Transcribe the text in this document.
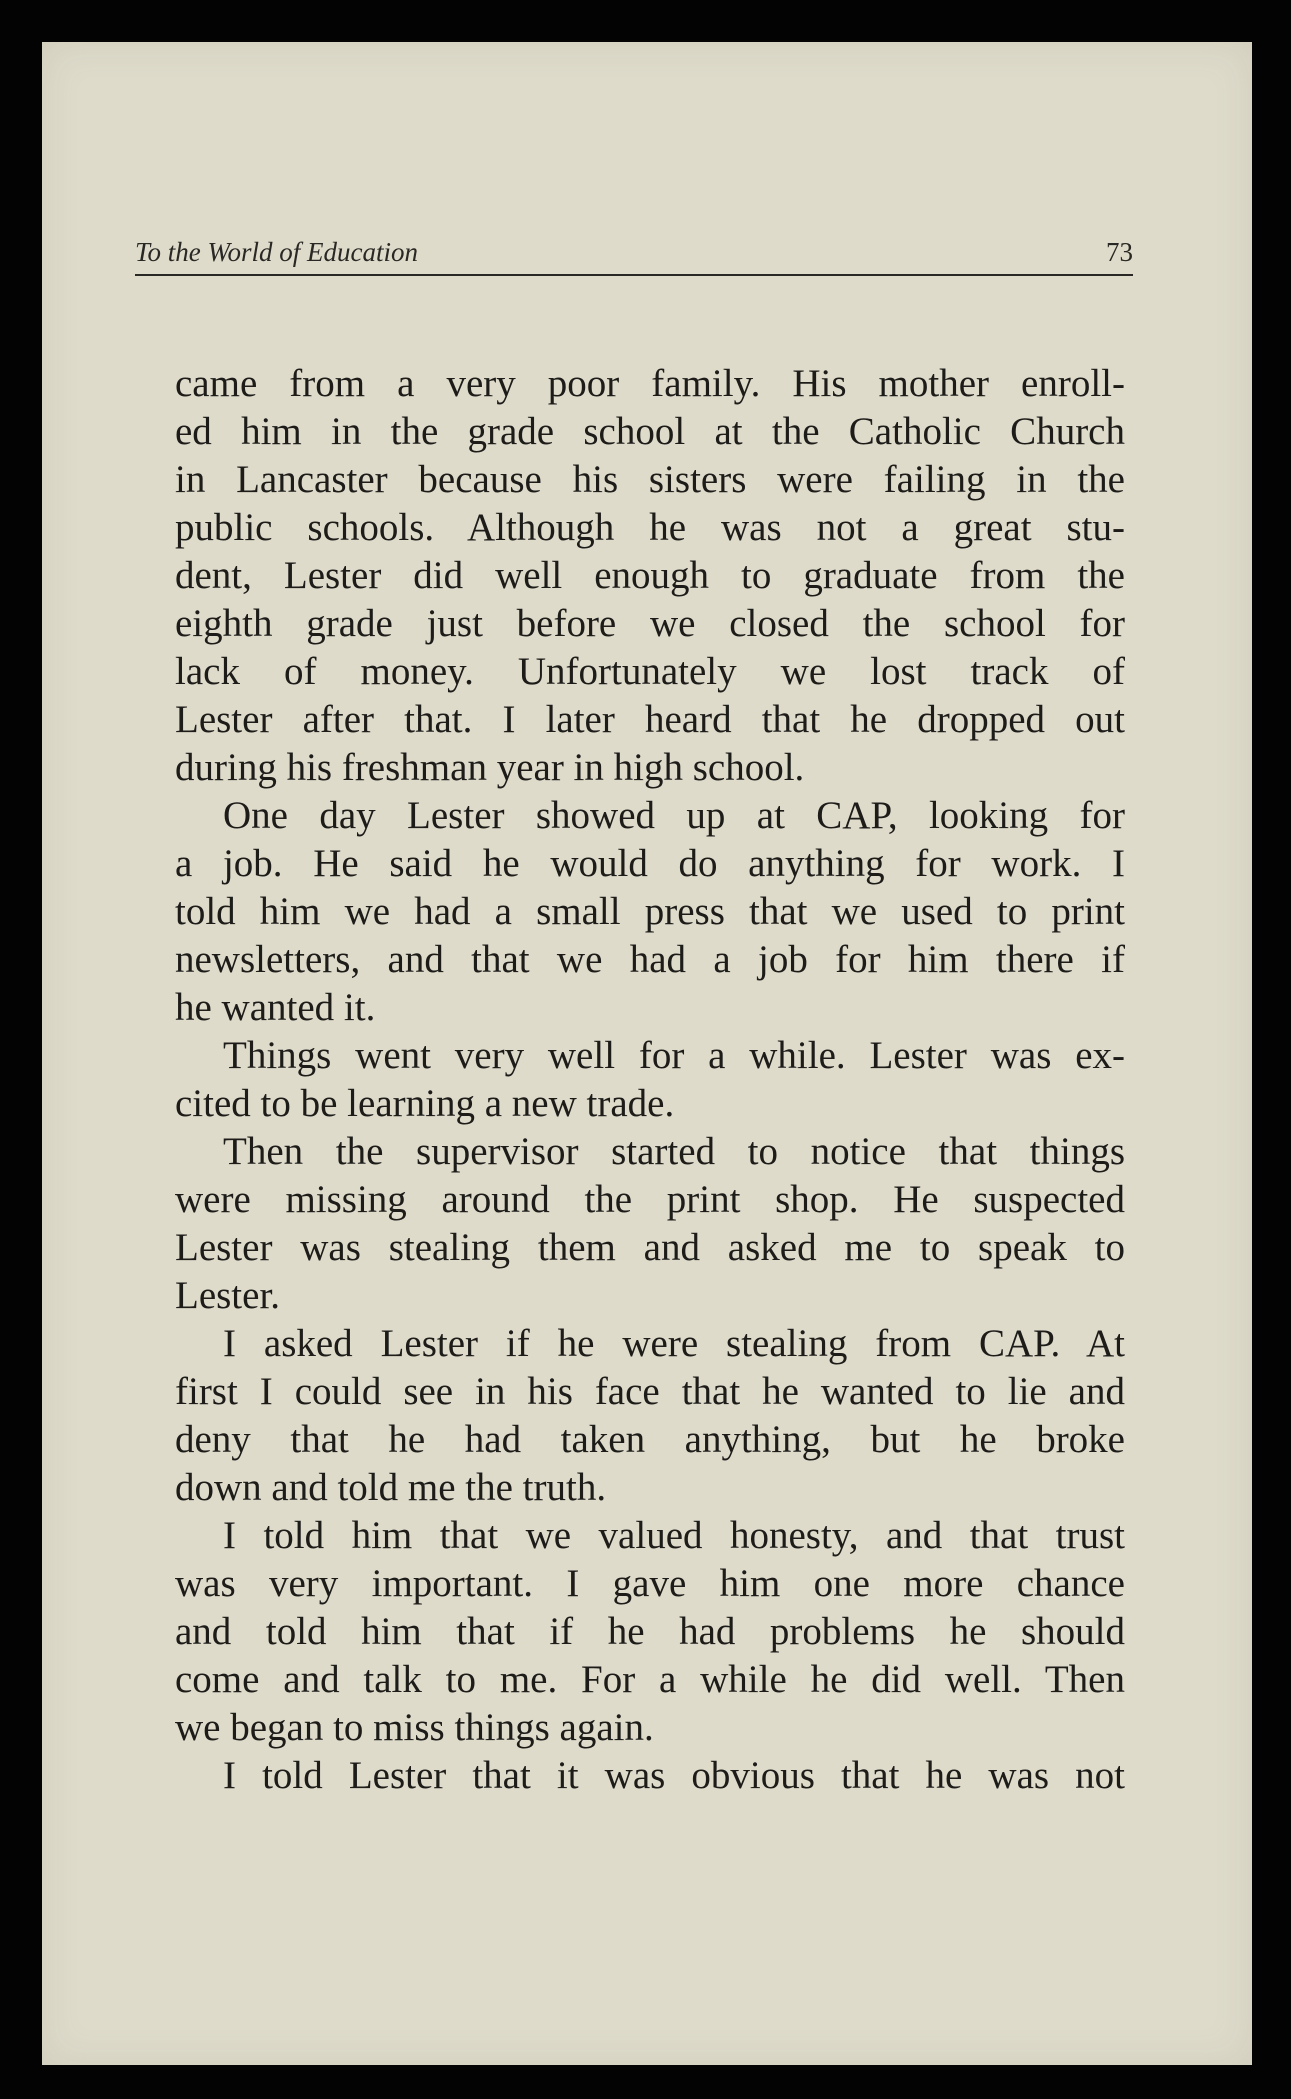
To the World of Education	73
came from a very poor family. His mother enroll-
ed him in the grade school at the Catholic Church
in Lancaster because his sisters were failing in the
public schools. Although he was not a great stu-
dent, Lester did well enough to graduate from the
eighth grade just before we closed the school for
lack of money. Unfortunately we lost track of
Lester after that. I later heard that he dropped out
during his freshman year in high school.
One day Lester showed up at CAP, looking for
a job. He said he would do anything for work. I
told him we had a small press that we used to print
newsletters, and that we had a job for him there if
he wanted it.
Things went very well for a while. Lester was ex-
cited to be learning a new trade.
Then the supervisor started to notice that things
were missing around the print shop. He suspected
Lester was stealing them and asked me to speak to
Lester.
I asked Lester if he were stealing from CAP. At
first I could see in his face that he wanted to lie and
deny that he had taken anything, but he broke
down and told me the truth.
I told him that we valued honesty, and that trust
was very important. I gave him one more chance
and told him that if he had problems he should
come and talk to me. For a while he did well. Then
we began to miss things again.
I told Lester that it was obvious that he was not
